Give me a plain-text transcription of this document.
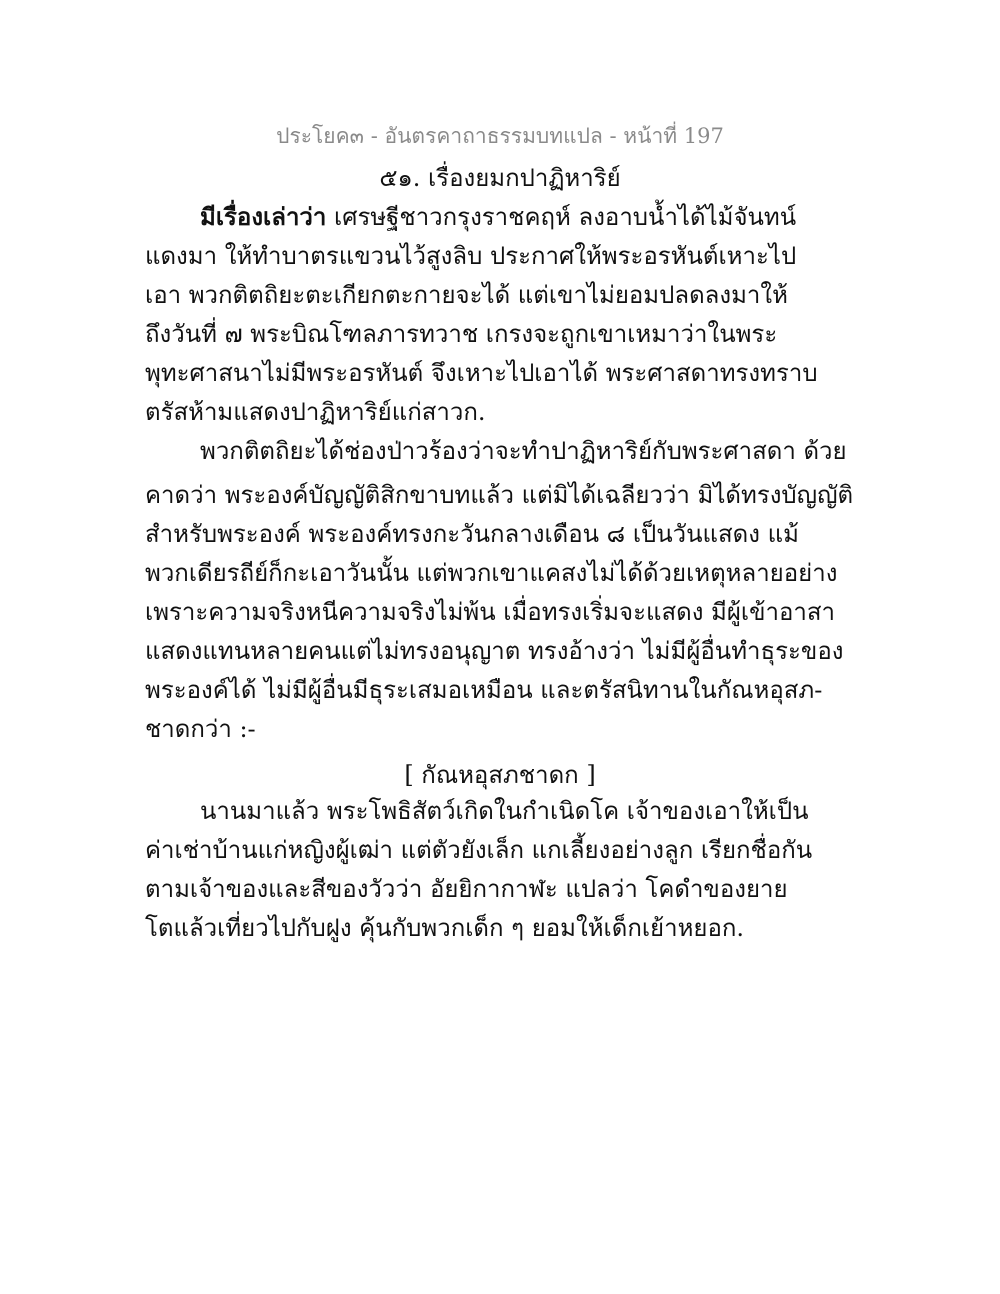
ประโยค๓ - อันตรคาถาธรรมบทแปล - หน้าที่ 197
๕๑. เรื่องยมกปาฏิหาริย์
มีเรื่องเล่าว่า เศรษฐีชาวกรุงราชคฤห์ ลงอาบน้ำได้ไม้จันทน์
แดงมา ให้ทำบาตรแขวนไว้สูงลิบ ประกาศให้พระอรหันต์เหาะไป
เอา พวกติตถิยะตะเกียกตะกายจะได้ แต่เขาไม่ยอมปลดลงมาให้
ถึงวันที่ ๗ พระบิณโฑลภารทวาช เกรงจะถูกเขาเหมาว่าในพระ
พุทะศาสนาไม่มีพระอรหันต์ จึงเหาะไปเอาได้ พระศาสดาทรงทราบ
ตรัสห้ามแสดงปาฏิหาริย์แก่สาวก.
พวกติตถิยะได้ช่องป่าวร้องว่าจะทำปาฏิหาริย์กับพระศาสดา ด้วย
คาดว่า พระองค์บัญญัติสิกขาบทแล้ว แต่มิได้เฉลียวว่า มิได้ทรงบัญญัติ
สำหรับพระองค์ พระองค์ทรงกะวันกลางเดือน ๘ เป็นวันแสดง แม้
พวกเดียรถีย์ก็กะเอาวันนั้น แต่พวกเขาแคสงไม่ได้ด้วยเหตุหลายอย่าง
เพราะความจริงหนีความจริงไม่พ้น เมื่อทรงเริ่มจะแสดง มีผู้เข้าอาสา
แสดงแทนหลายคนแต่ไม่ทรงอนุญาต ทรงอ้างว่า ไม่มีผู้อื่นทำธุระของ
พระองค์ได้ ไม่มีผู้อื่นมีธุระเสมอเหมือน และตรัสนิทานในกัณหอุสภ-
ชาดกว่า :-
[ กัณหอุสภชาดก ]
นานมาแล้ว พระโพธิสัตว์เกิดในกำเนิดโค เจ้าของเอาให้เป็น
ค่าเช่าบ้านแก่หญิงผู้เฒ่า แต่ตัวยังเล็ก แกเลี้ยงอย่างลูก เรียกชื่อกัน
ตามเจ้าของและสีของวัวว่า อัยยิกากาฬะ แปลว่า โคดำของยาย
โตแล้วเที่ยวไปกับฝูง คุ้นกับพวกเด็ก ๆ ยอมให้เด็กเย้าหยอก.
